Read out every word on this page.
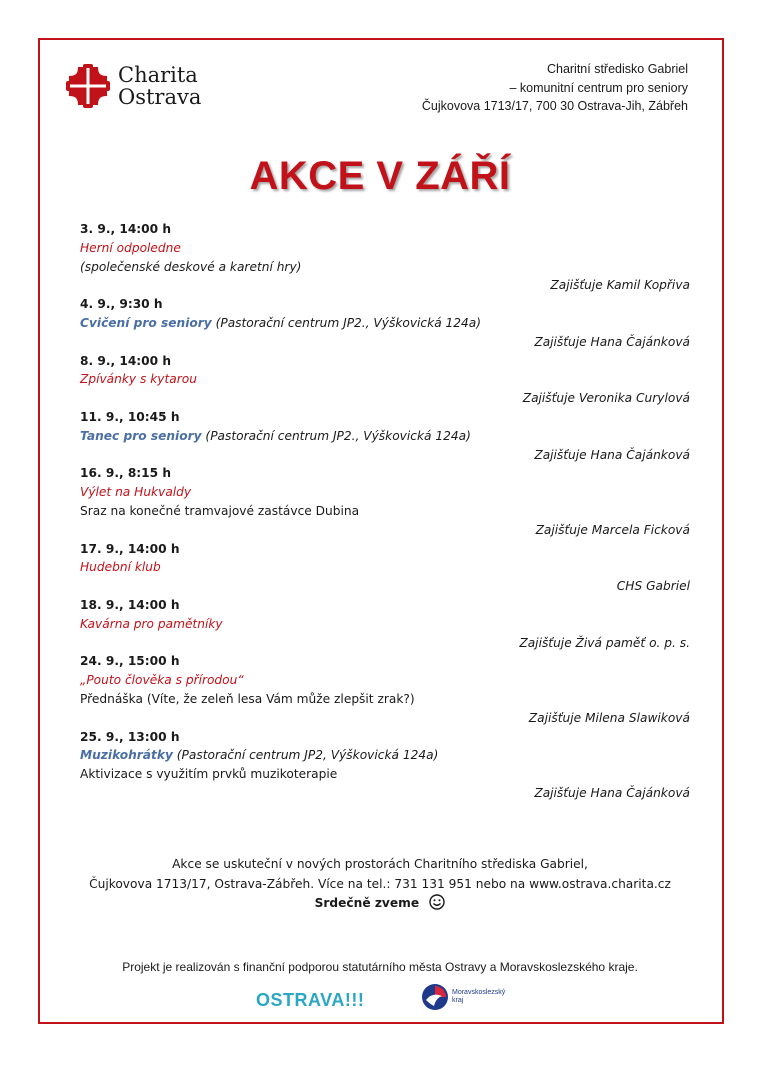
Charita
Ostrava
Charitní středisko Gabriel
– komunitní centrum pro seniory
Čujkovova 1713/17, 700 30 Ostrava-Jih, Zábřeh
AKCE V ZÁŘÍ
3. 9., 14:00 h
Herní odpoledne
(společenské deskové a karetní hry)
Zajišťuje Kamil Kopřiva
4. 9., 9:30 h
Cvičení pro seniory (Pastorační centrum JP2., Výškovická 124a)
Zajišťuje Hana Čajánková
8. 9., 14:00 h
Zpívánky s kytarou
Zajišťuje Veronika Curylová
11. 9., 10:45 h
Tanec pro seniory (Pastorační centrum JP2., Výškovická 124a)
Zajišťuje Hana Čajánková
16. 9., 8:15 h
Výlet na Hukvaldy
Sraz na konečné tramvajové zastávce Dubina
Zajišťuje Marcela Ficková
17. 9., 14:00 h
Hudební klub
CHS Gabriel
18. 9., 14:00 h
Kavárna pro pamětníky
Zajišťuje Živá paměť o. p. s.
24. 9., 15:00 h
„Pouto člověka s přírodou“
Přednáška (Víte, že zeleň lesa Vám může zlepšit zrak?)
Zajišťuje Milena Slawiková
25. 9., 13:00 h
Muzikohrátky (Pastorační centrum JP2, Výškovická 124a)
Aktivizace s využitím prvků muzikoterapie
Zajišťuje Hana Čajánková
Akce se uskuteční v nových prostorách Charitního střediska Gabriel,
Čujkovova 1713/17, Ostrava-Zábřeh. Více na tel.: 731 131 951 nebo na www.ostrava.charita.cz
Srdečně zveme
Projekt je realizován s finanční podporou statutárního města Ostravy a Moravskoslezského kraje.
OSTRAVA!!!	Moravskoslezský
kraj
